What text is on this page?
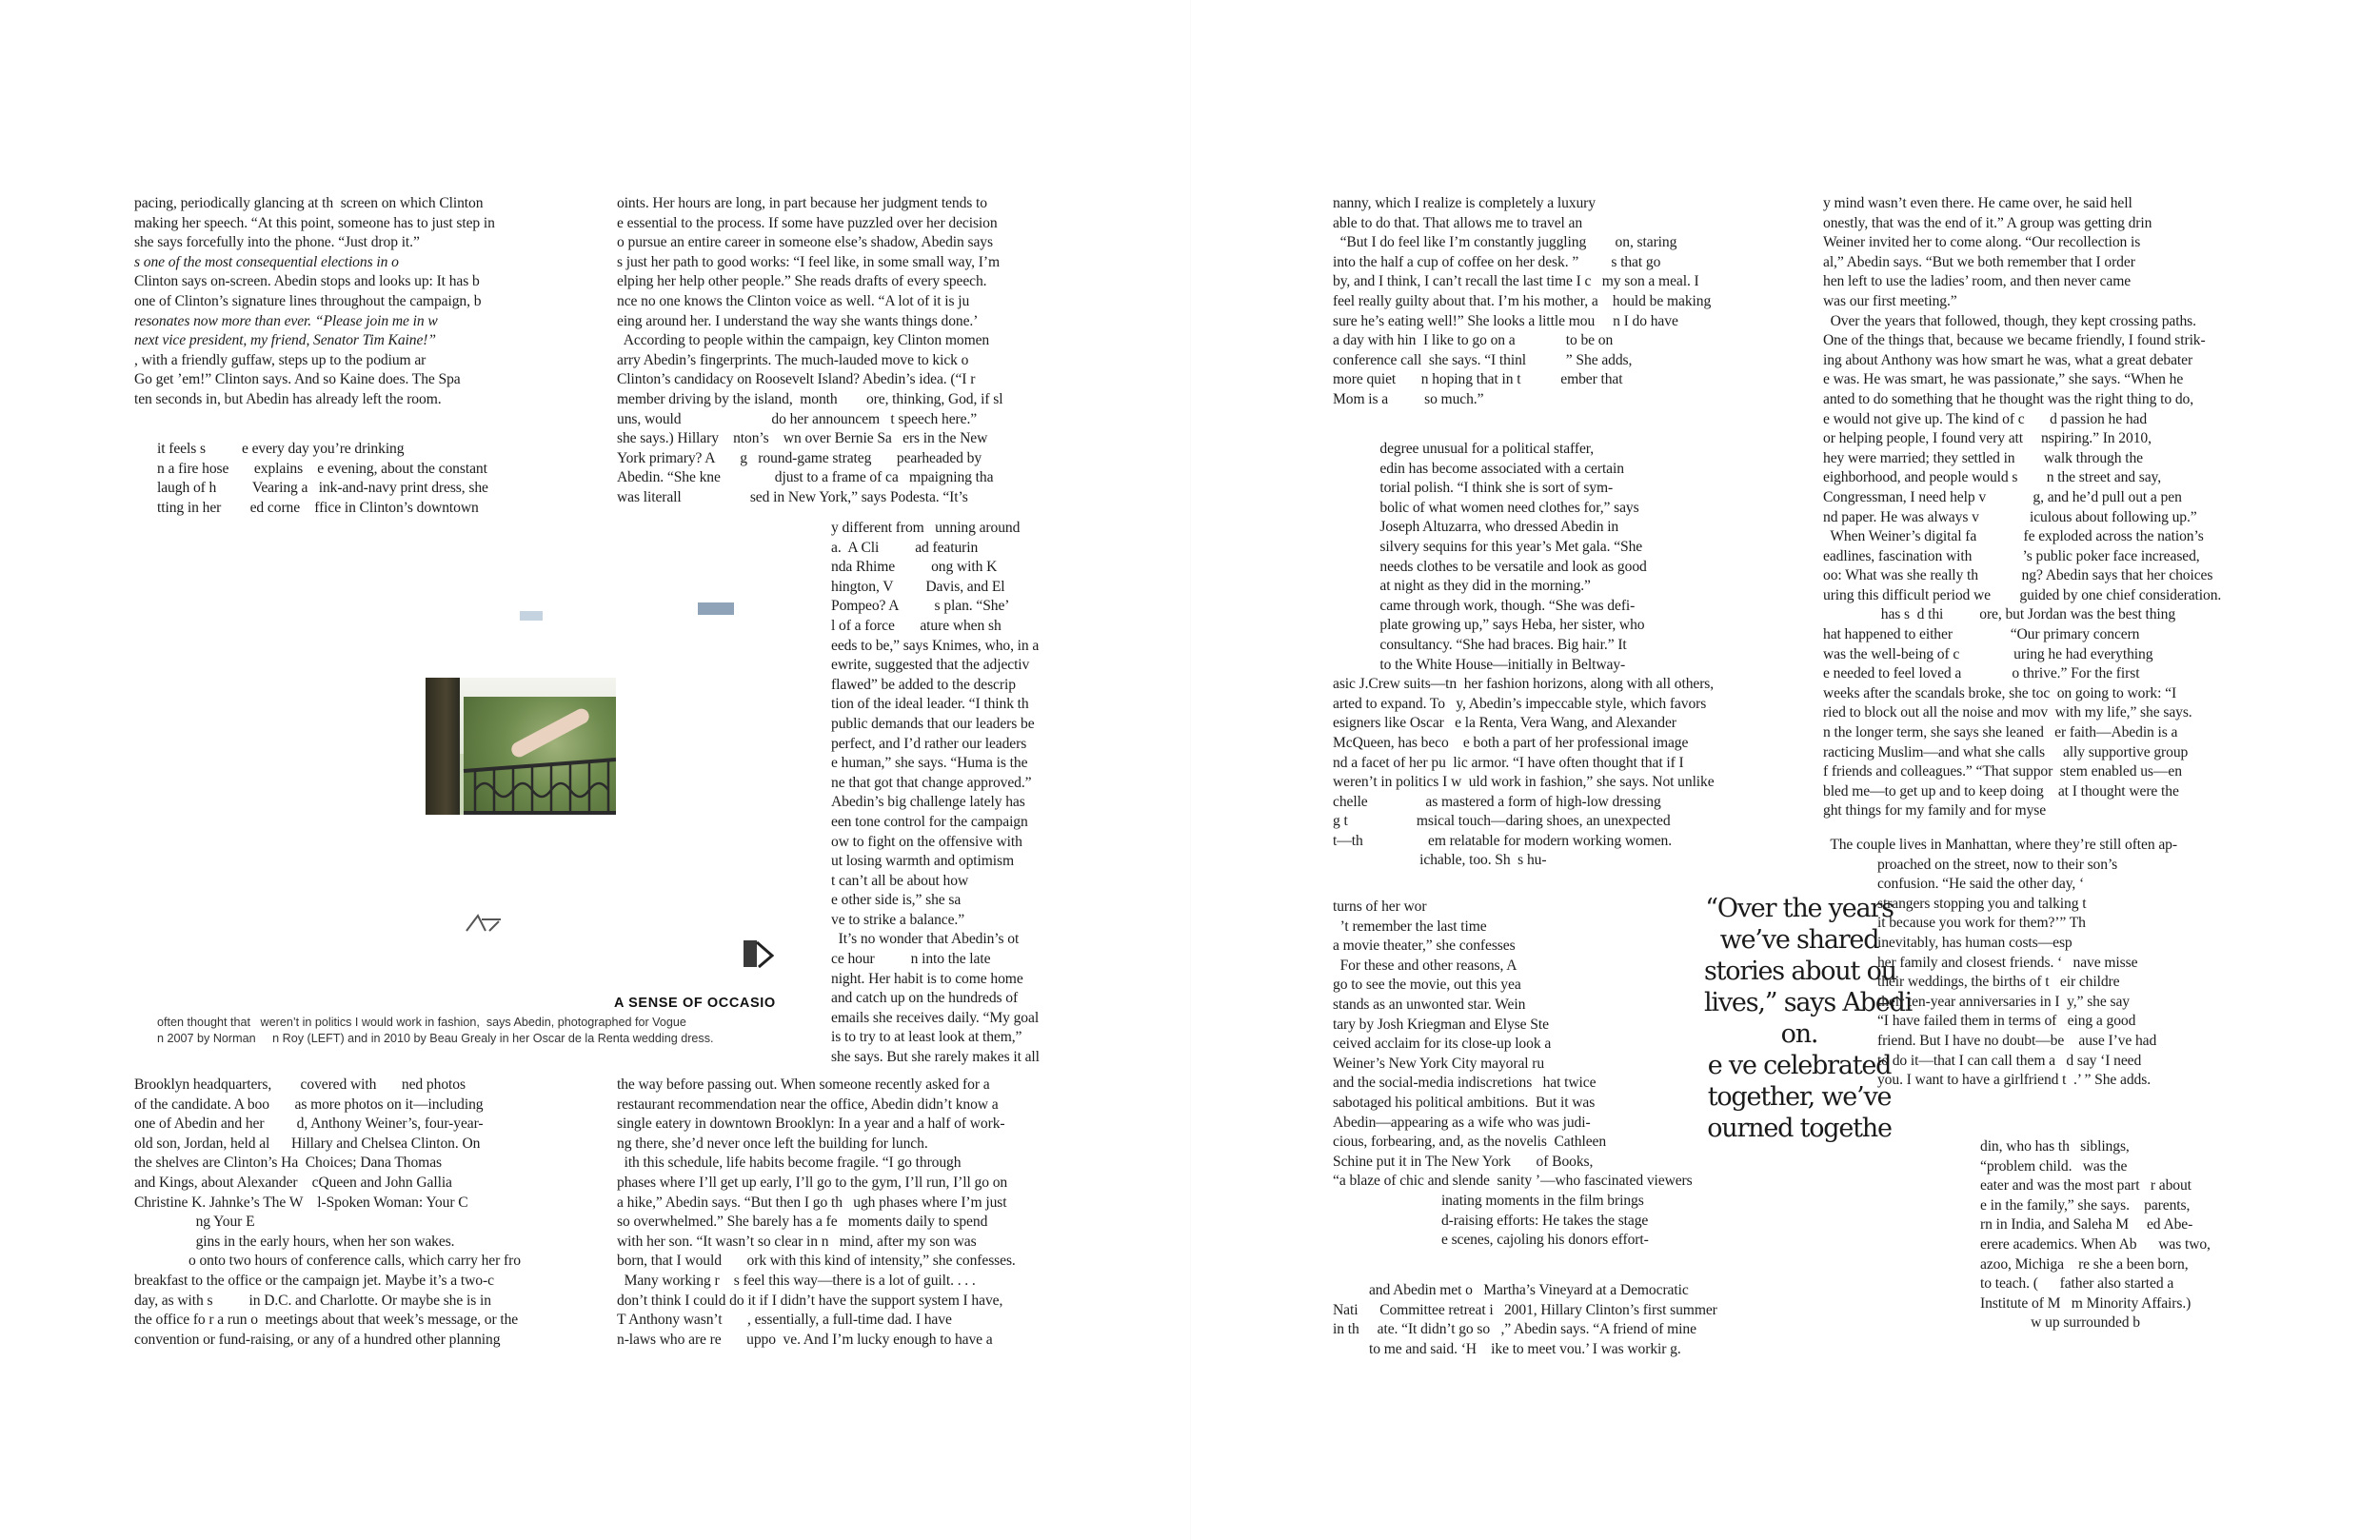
pacing, periodically glancing at th  screen on which Clinton

making her speech. “At this point, someone has to just step in

she says forcefully into the phone. “Just drop it.”

s one of the most consequential elections in o

Clinton says on-screen. Abedin stops and looks up: It has b

one of Clinton’s signature lines throughout the campaign, b

resonates now more than ever. “Please join me in w

next vice president, my friend, Senator Tim Kaine!”

, with a friendly guffaw, steps up to the podium ar

Go get ’em!” Clinton says. And so Kaine does. The Spa

ten seconds in, but Abedin has already left the room.

it feels s          e every day you’re drinking

n a fire hose       explains    e evening, about the constant

laugh of h          Vearing a   ink-and-navy print dress, she

tting in her        ed corne    ffice in Clinton’s downtown

oints. Her hours are long, in part because her judgment tends to

e essential to the process. If some have puzzled over her decision

o pursue an entire career in someone else’s shadow, Abedin says

s just her path to good works: “I feel like, in some small way, I’m

elping her help other people.” She reads drafts of every speech.

nce no one knows the Clinton voice as well. “A lot of it is ju

eing around her. I understand the way she wants things done.’

According to people within the campaign, key Clinton momen

arry Abedin’s fingerprints. The much-lauded move to kick o

Clinton’s candidacy on Roosevelt Island? Abedin’s idea. (“I r

member driving by the island,  month        ore, thinking, God, if sl

uns, would                         do her announcem   t speech here.”

she says.) Hillary    nton’s    wn over Bernie Sa   ers in the New

York primary? A       g   round-game strateg       pearheaded by

Abedin. “She kne               djust to a frame of ca   mpaigning tha

was literall                   sed in New York,” says Podesta. “It’s

y different from   unning around

a.  A Cli          ad featurin

nda Rhime          ong with K

hington, V         Davis, and El

Pompeo? A          s plan. “She’

l of a force       ature when sh

eeds to be,” says Knimes, who, in a

ewrite, suggested that the adjectiv

flawed” be added to the descrip

tion of the ideal leader. “I think th

public demands that our leaders be

perfect, and I’d rather our leaders

e human,” she says. “Huma is the

ne that got that change approved.”

Abedin’s big challenge lately has

een tone control for the campaign

ow to fight on the offensive with

ut losing warmth and optimism

t can’t all be about how

e other side is,” she sa

ve to strike a balance.”

It’s no wonder that Abedin’s ot

ce hour          n into the late

night. Her habit is to come home

and catch up on the hundreds of

emails she receives daily. “My goal

is to try to at least look at them,”

she says. But she rarely makes it all

Brooklyn headquarters,        covered with       ned photos

of the candidate. A boo       as more photos on it—including

one of Abedin and her         d, Anthony Weiner’s, four-year-

old son, Jordan, held al      Hillary and Chelsea Clinton. On

the shelves are Clinton’s Ha  Choices; Dana Thomas

and Kings, about Alexander    cQueen and John Gallia

Christine K. Jahnke’s The W    l-Spoken Woman: Your C

ng Your E

gins in the early hours, when her son wakes.

o onto two hours of conference calls, which carry her fro

breakfast to the office or the campaign jet. Maybe it’s a two-c

day, as with s          in D.C. and Charlotte. Or maybe she is in

the office fo r a run o  meetings about that week’s message, or the

convention or fund-raising, or any of a hundred other planning

the way before passing out. When someone recently asked for a

restaurant recommendation near the office, Abedin didn’t know a

single eatery in downtown Brooklyn: In a year and a half of work-

ng there, she’d never once left the building for lunch.

ith this schedule, life habits become fragile. “I go through

phases where I’ll get up early, I’ll go to the gym, I’ll run, I’ll go on

a hike,” Abedin says. “But then I go th   ugh phases where I’m just

so overwhelmed.” She barely has a fe   moments daily to spend

with her son. “It wasn’t so clear in n   mind, after my son was

born, that I would       ork with this kind of intensity,” she confesses.

Many working r    s feel this way—there is a lot of guilt. . . .

don’t think I could do it if I didn’t have the support system I have,

T Anthony wasn’t       , essentially, a full-time dad. I have

n-laws who are re       uppo  ve. And I’m lucky enough to have a

A SENSE OF OCCASIO

often thought that   weren’t in politics I would work in fashion,  says Abedin, photographed for Vogue

n 2007 by Norman     n Roy (LEFT) and in 2010 by Beau Grealy in her Oscar de la Renta wedding dress.

nanny, which I realize is completely a luxury

able to do that. That allows me to travel an

“But I do feel like I’m constantly juggling        on, staring

into the half a cup of coffee on her desk. ”         s that go

by, and I think, I can’t recall the last time I c   my son a meal. I

feel really guilty about that. I’m his mother, a    hould be making

sure he’s eating well!” She looks a little mou     n I do have

a day with hin  I like to go on a              to be on

conference call  she says. “I thinl           ” She adds,

more quiet       n hoping that in t           ember that

Mom is a          so much.”

degree unusual for a political staffer,

edin has become associated with a certain

torial polish. “I think she is sort of sym-

bolic of what women need clothes for,” says

Joseph Altuzarra, who dressed Abedin in

silvery sequins for this year’s Met gala. “She

needs clothes to be versatile and look as good

at night as they did in the morning.”

came through work, though. “She was defi-

plate growing up,” says Heba, her sister, who

consultancy. “She had braces. Big hair.” It

to the White House—initially in Beltway-

asic J.Crew suits—tn  her fashion horizons, along with all others,

arted to expand. To   y, Abedin’s impeccable style, which favors

esigners like Oscar   e la Renta, Vera Wang, and Alexander

McQueen, has beco    e both a part of her professional image

nd a facet of her pu  lic armor. “I have often thought that if I

weren’t in politics I w  uld work in fashion,” she says. Not unlike

chelle                as mastered a form of high-low dressing

g t                   msical touch—daring shoes, an unexpected

t—th                  em relatable for modern working women.

ichable, too. Sh  s hu-

turns of her wor

’t remember the last time

a movie theater,” she confesses

For these and other reasons, A

go to see the movie, out this yea

stands as an unwonted star. Wein

tary by Josh Kriegman and Elyse Ste

ceived acclaim for its close-up look a

Weiner’s New York City mayoral ru

and the social-media indiscretions   hat twice

sabotaged his political ambitions.  But it was

Abedin—appearing as a wife who was judi-

cious, forbearing, and, as the novelis  Cathleen

Schine put it in The New York       of Books,

“a blaze of chic and slende  sanity ’—who fascinated viewers

inating moments in the film brings

d-raising efforts: He takes the stage

e scenes, cajoling his donors effort-

and Abedin met o   Martha’s Vineyard at a Democratic

Nati      Committee retreat i   2001, Hillary Clinton’s first summer

in th     ate. “It didn’t go so   ,” Abedin says. “A friend of mine

to me and said. ‘H    ike to meet vou.’ I was workir g.

y mind wasn’t even there. He came over, he said hell

onestly, that was the end of it.” A group was getting drin

Weiner invited her to come along. “Our recollection is

al,” Abedin says. “But we both remember that I order

hen left to use the ladies’ room, and then never came

was our first meeting.”

Over the years that followed, though, they kept crossing paths.

One of the things that, because we became friendly, I found strik-

ing about Anthony was how smart he was, what a great debater

e was. He was smart, he was passionate,” she says. “When he

anted to do something that he thought was the right thing to do,

e would not give up. The kind of c       d passion he had

or helping people, I found very att     nspiring.” In 2010,

hey were married; they settled in        walk through the

eighborhood, and people would s        n the street and say,

Congressman, I need help v             g, and he’d pull out a pen

nd paper. He was always v              iculous about following up.”

When Weiner’s digital fa             fe exploded across the nation’s

eadlines, fascination with              ’s public poker face increased,

oo: What was she really th            ng? Abedin says that her choices

uring this difficult period we        guided by one chief consideration.

has s  d thi          ore, but Jordan was the best thing

hat happened to either                “Our primary concern

was the well-being of c               uring he had everything

e needed to feel loved a              o thrive.” For the first

weeks after the scandals broke, she toc  on going to work: “I

ried to block out all the noise and mov  with my life,” she says.

n the longer term, she says she leaned   er faith—Abedin is a

racticing Muslim—and what she calls     ally supportive group

f friends and colleagues.” “That suppor  stem enabled us—en

bled me—to get up and to keep doing    at I thought were the

ght things for my family and for myse

The couple lives in Manhattan, where they’re still often ap-

proached on the street, now to their son’s

confusion. “He said the other day, ‘

strangers stopping you and talking t

it because you work for them?’” Th

inevitably, has human costs—esp

her family and closest friends. ‘   nave misse

their weddings, the births of t   eir childre

their ten-year anniversaries in I  y,” she say

“I have failed them in terms of   eing a good

friend. But I have no doubt—be    ause I’ve had

to do it—that I can call them a   d say ‘I need

you. I want to have a girlfriend t  .’ ” She adds.

din, who has th   siblings,

“problem child.   was the

eater and was the most part   r about

e in the family,” she says.    parents,

rn in India, and Saleha M     ed Abe-

erere academics. When Ab      was two,

azoo, Michiga    re she a been born,

to teach. (      father also started a

Institute of M   m Minority Affairs.)

w up surrounded b

“Over the years

we’ve shared

stories about ou

lives,” says Abedi

on.

e ve celebrated

together, we’ve

ourned togethe
